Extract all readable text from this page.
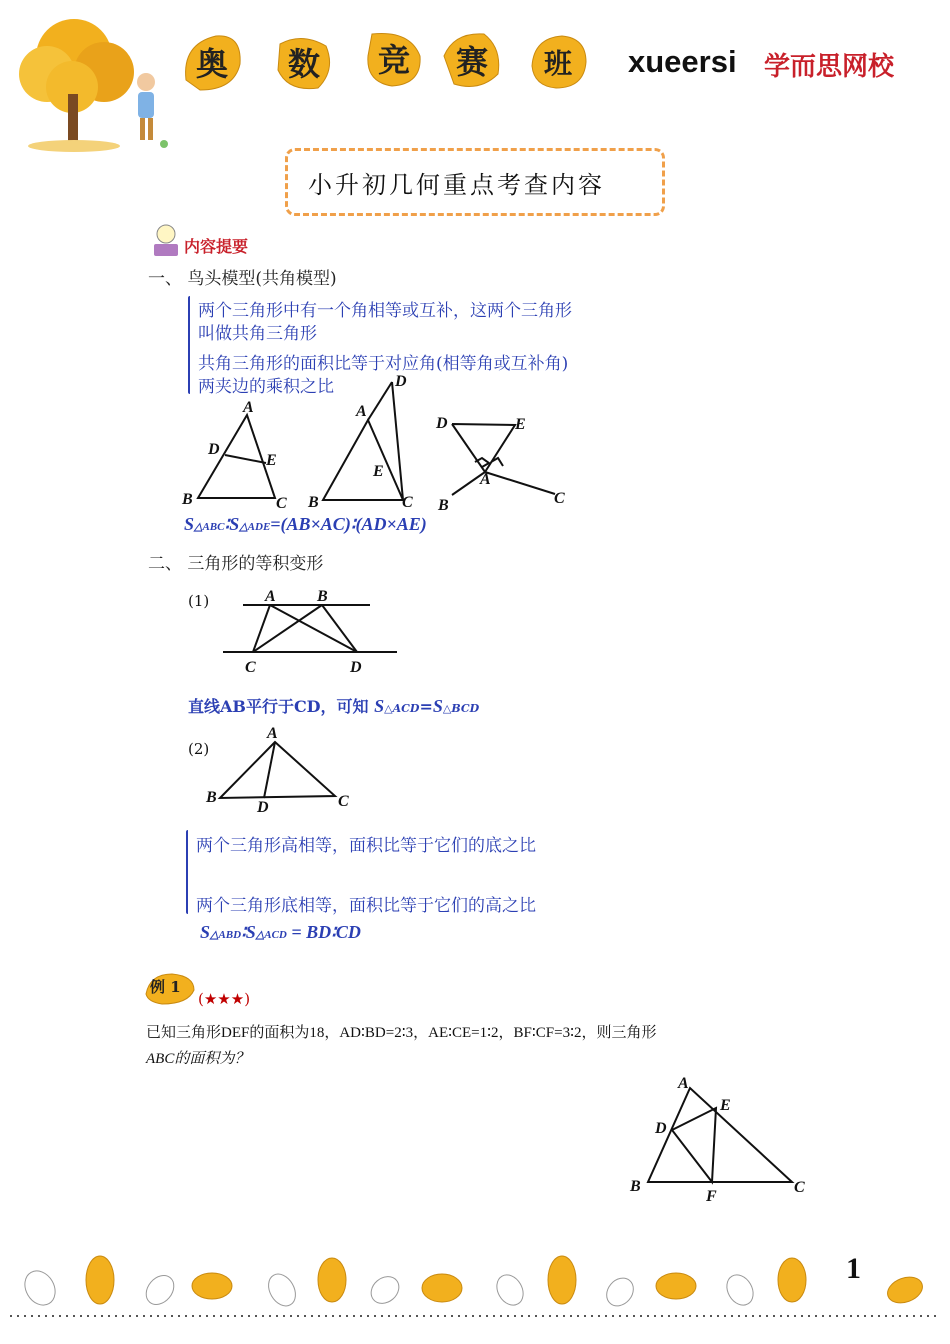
奥	数	竞	赛	班	xueersi 学而思网校
小升初几何重点考查内容
内容提要
一、 鸟头模型(共角模型)
两个三角形中有一个角相等或互补，这两个三角形
叫做共角三角形
共角三角形的面积比等于对应角(相等角或互补角)
两夹边的乘积之比
A
D
E
B	C
D
A
E
B	C
D	E
A
B	C
S△ABC∶S△ADE=(AB×AC)∶(AD×AE)
二、 三角形的等积变形
(1)	A	B
C	D
直线AB平行于CD，可知 S△ACD=S△BCD
(2)
A
B
D	C
两个三角形高相等，面积比等于它们的底之比
两个三角形底相等，面积比等于它们的高之比
S△ABD∶S△ACD = BD∶CD
例 1
(★★★)
已知三角形DEF的面积为18，AD∶BD=2∶3，AE∶CE=1∶2，BF∶CF=3∶2，则三角形
ABC的面积为？
A
E
D
B
F
C
1
